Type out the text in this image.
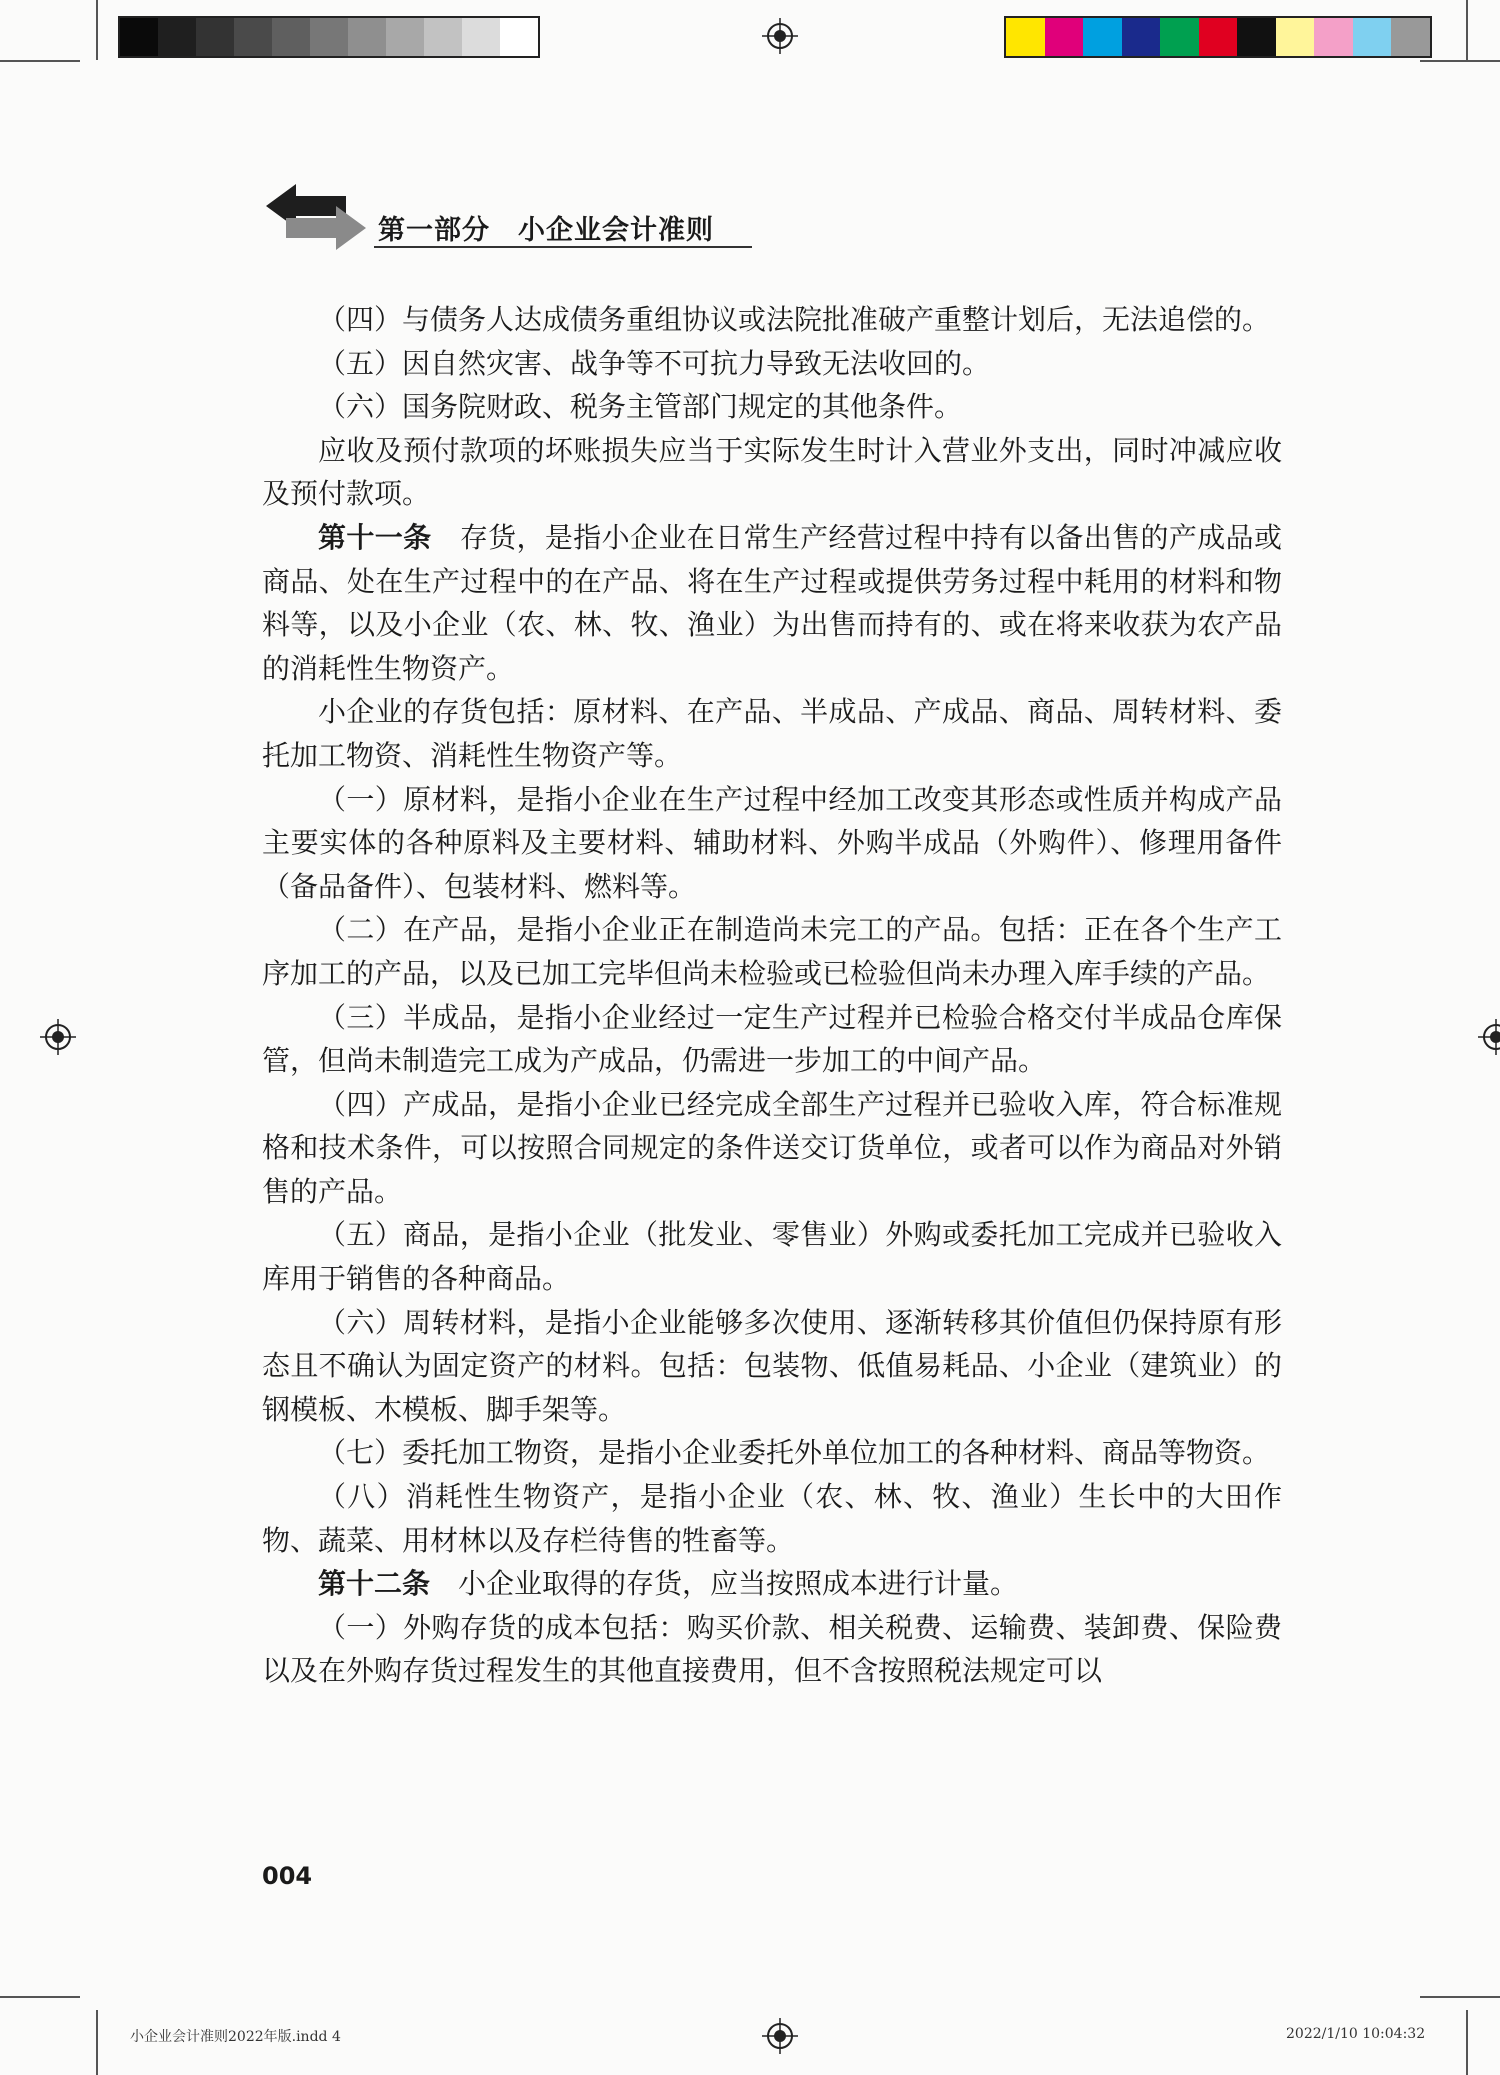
第一部分　小企业会计准则

（四）与债务人达成债务重组协议或法院批准破产重整计划后，无法追偿的。

（五）因自然灾害、战争等不可抗力导致无法收回的。

（六）国务院财政、税务主管部门规定的其他条件。

应收及预付款项的坏账损失应当于实际发生时计入营业外支出，同时冲减应收及预付款项。

第十一条　存货，是指小企业在日常生产经营过程中持有以备出售的产成品或商品、处在生产过程中的在产品、将在生产过程或提供劳务过程中耗用的材料和物料等，以及小企业（农、林、牧、渔业）为出售而持有的、或在将来收获为农产品的消耗性生物资产。

小企业的存货包括：原材料、在产品、半成品、产成品、商品、周转材料、委托加工物资、消耗性生物资产等。

（一）原材料，是指小企业在生产过程中经加工改变其形态或性质并构成产品主要实体的各种原料及主要材料、辅助材料、外购半成品（外购件）、修理用备件（备品备件）、包装材料、燃料等。

（二）在产品，是指小企业正在制造尚未完工的产品。包括：正在各个生产工序加工的产品，以及已加工完毕但尚未检验或已检验但尚未办理入库手续的产品。

（三）半成品，是指小企业经过一定生产过程并已检验合格交付半成品仓库保管，但尚未制造完工成为产成品，仍需进一步加工的中间产品。

（四）产成品，是指小企业已经完成全部生产过程并已验收入库，符合标准规格和技术条件，可以按照合同规定的条件送交订货单位，或者可以作为商品对外销售的产品。

（五）商品，是指小企业（批发业、零售业）外购或委托加工完成并已验收入库用于销售的各种商品。

（六）周转材料，是指小企业能够多次使用、逐渐转移其价值但仍保持原有形态且不确认为固定资产的材料。包括：包装物、低值易耗品、小企业（建筑业）的钢模板、木模板、脚手架等。

（七）委托加工物资，是指小企业委托外单位加工的各种材料、商品等物资。

（八）消耗性生物资产，是指小企业（农、林、牧、渔业）生长中的大田作物、蔬菜、用材林以及存栏待售的牲畜等。

第十二条　小企业取得的存货，应当按照成本进行计量。

（一）外购存货的成本包括：购买价款、相关税费、运输费、装卸费、保险费以及在外购存货过程发生的其他直接费用，但不含按照税法规定可以

004
小企业会计准则2022年版.indd 4	2022/1/10 10:04:32
